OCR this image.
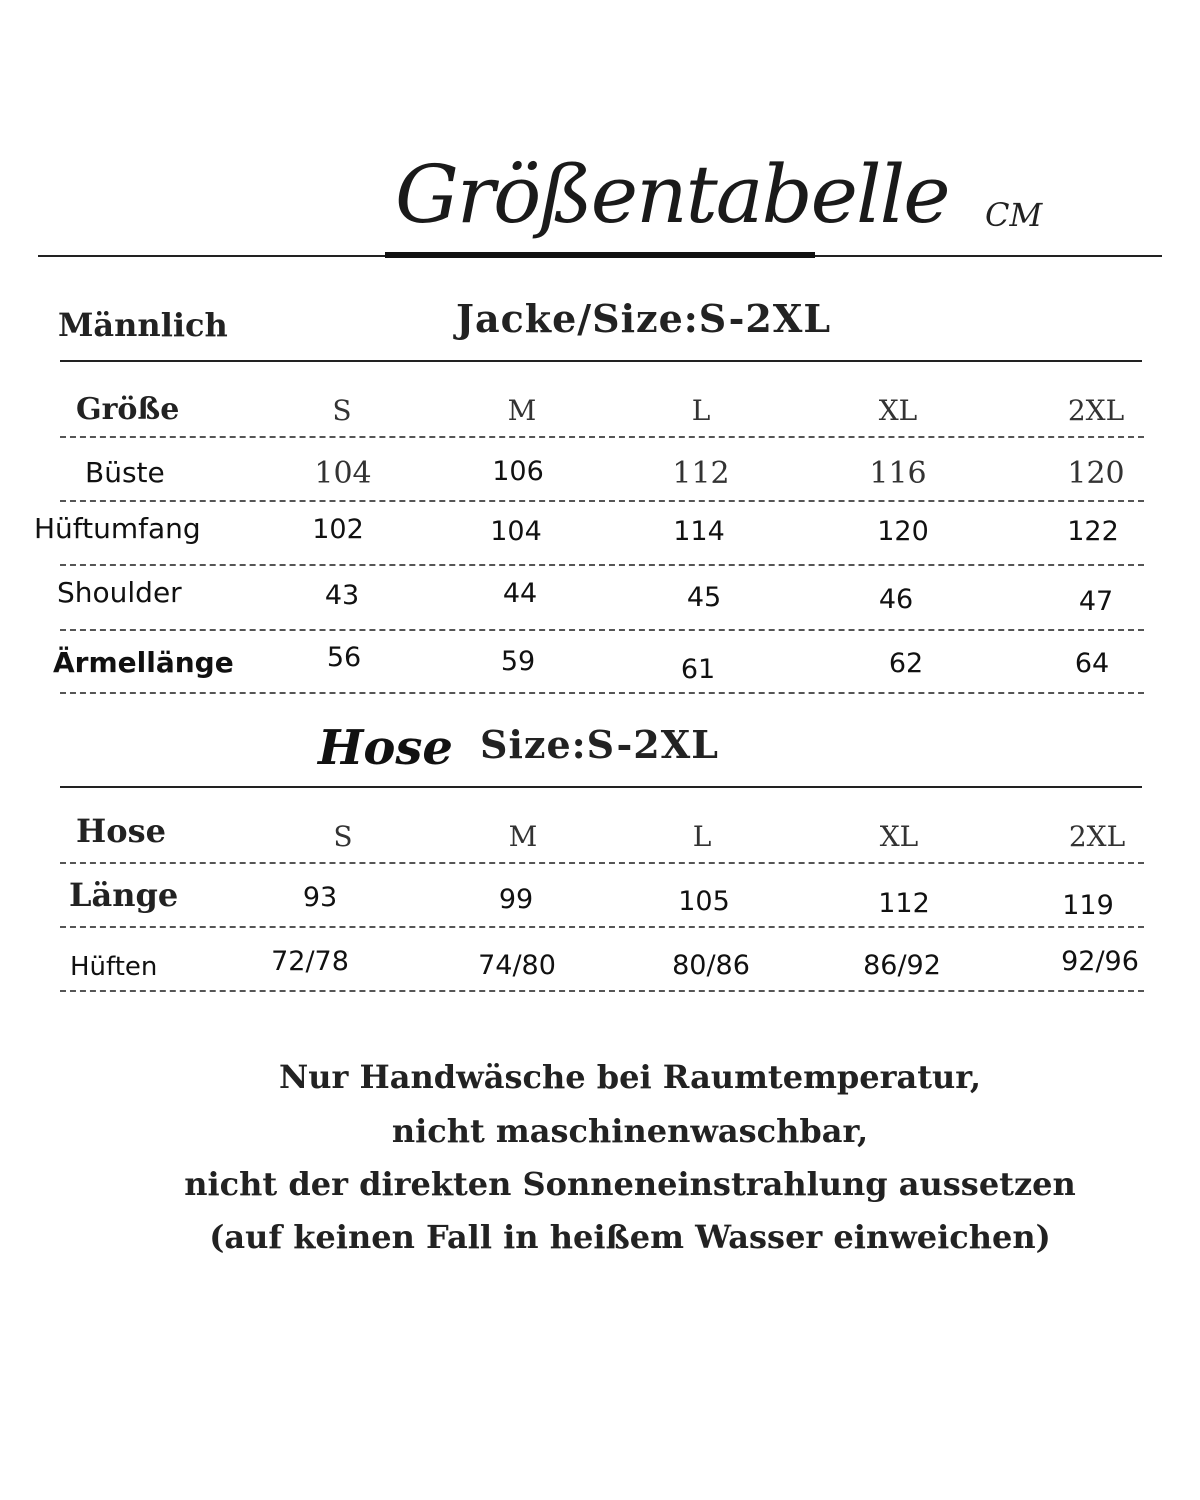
Größentabelle CM
Männlich	Jacke/Size:S-2XL
Größe	S	M	L	XL	2XL
Büste	104	106	112	116	120
Hüftumfang	102	104	114	120	122
Shoulder	43	44	45	46	47
Ärmellänge	56	59	61	62	64
Hose Size:S-2XL
Hose	S	M	L	XL	2XL
Länge	93	99	105	112	119
Hüften	72/78	74/80	80/86	86/92	92/96
Nur Handwäsche bei Raumtemperatur,
nicht maschinenwaschbar,
nicht der direkten Sonneneinstrahlung aussetzen
(auf keinen Fall in heißem Wasser einweichen)
